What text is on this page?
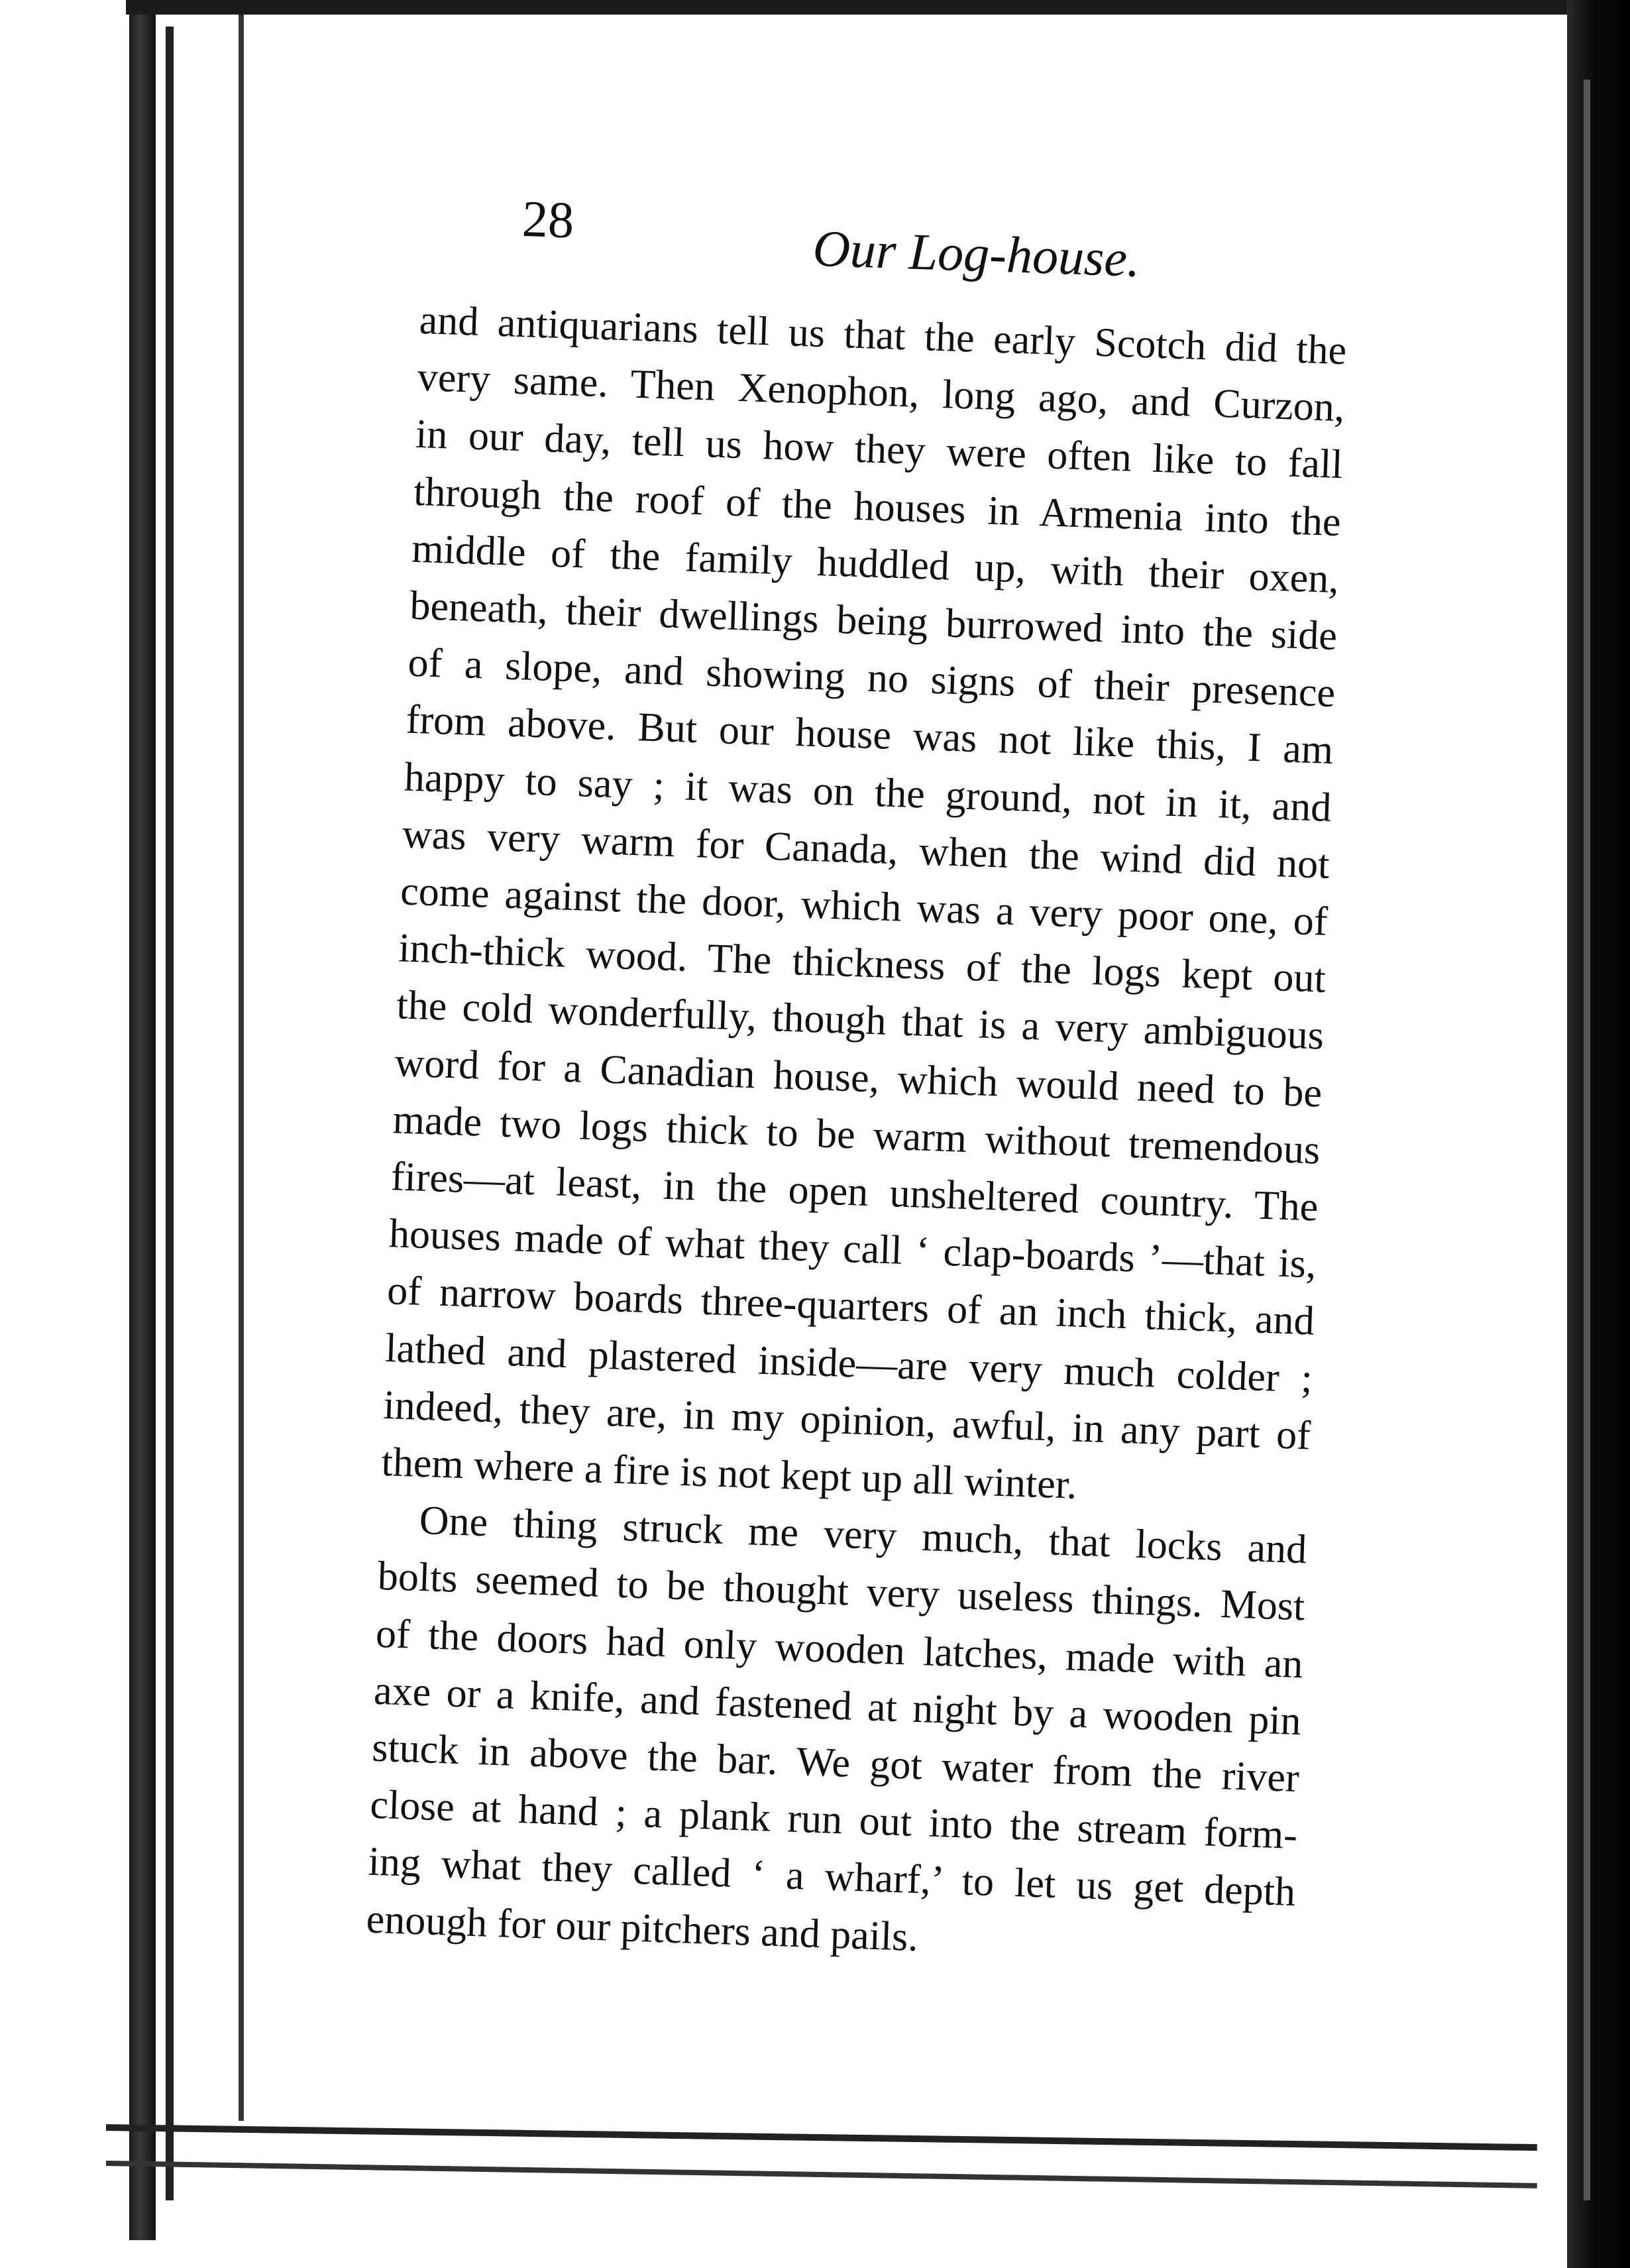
28	Our Log-house.
and antiquarians tell us that the early Scotch did the
very same. Then Xenophon, long ago, and Curzon,
in our day, tell us how they were often like to fall
through the roof of the houses in Armenia into the
middle of the family huddled up, with their oxen,
beneath, their dwellings being burrowed into the side
of a slope, and showing no signs of their presence
from above. But our house was not like this, I am
happy to say ; it was on the ground, not in it, and
was very warm for Canada, when the wind did not
come against the door, which was a very poor one, of
inch-thick wood. The thickness of the logs kept out
the cold wonderfully, though that is a very ambiguous
word for a Canadian house, which would need to be
made two logs thick to be warm without tremendous
fires—at least, in the open unsheltered country. The
houses made of what they call ‘ clap-boards ’—that is,
of narrow boards three-quarters of an inch thick, and
lathed and plastered inside—are very much colder ;
indeed, they are, in my opinion, awful, in any part of
them where a fire is not kept up all winter.
One thing struck me very much, that locks and
bolts seemed to be thought very useless things. Most
of the doors had only wooden latches, made with an
axe or a knife, and fastened at night by a wooden pin
stuck in above the bar. We got water from the river
close at hand ; a plank run out into the stream form-
ing what they called ‘ a wharf,’ to let us get depth
enough for our pitchers and pails.
